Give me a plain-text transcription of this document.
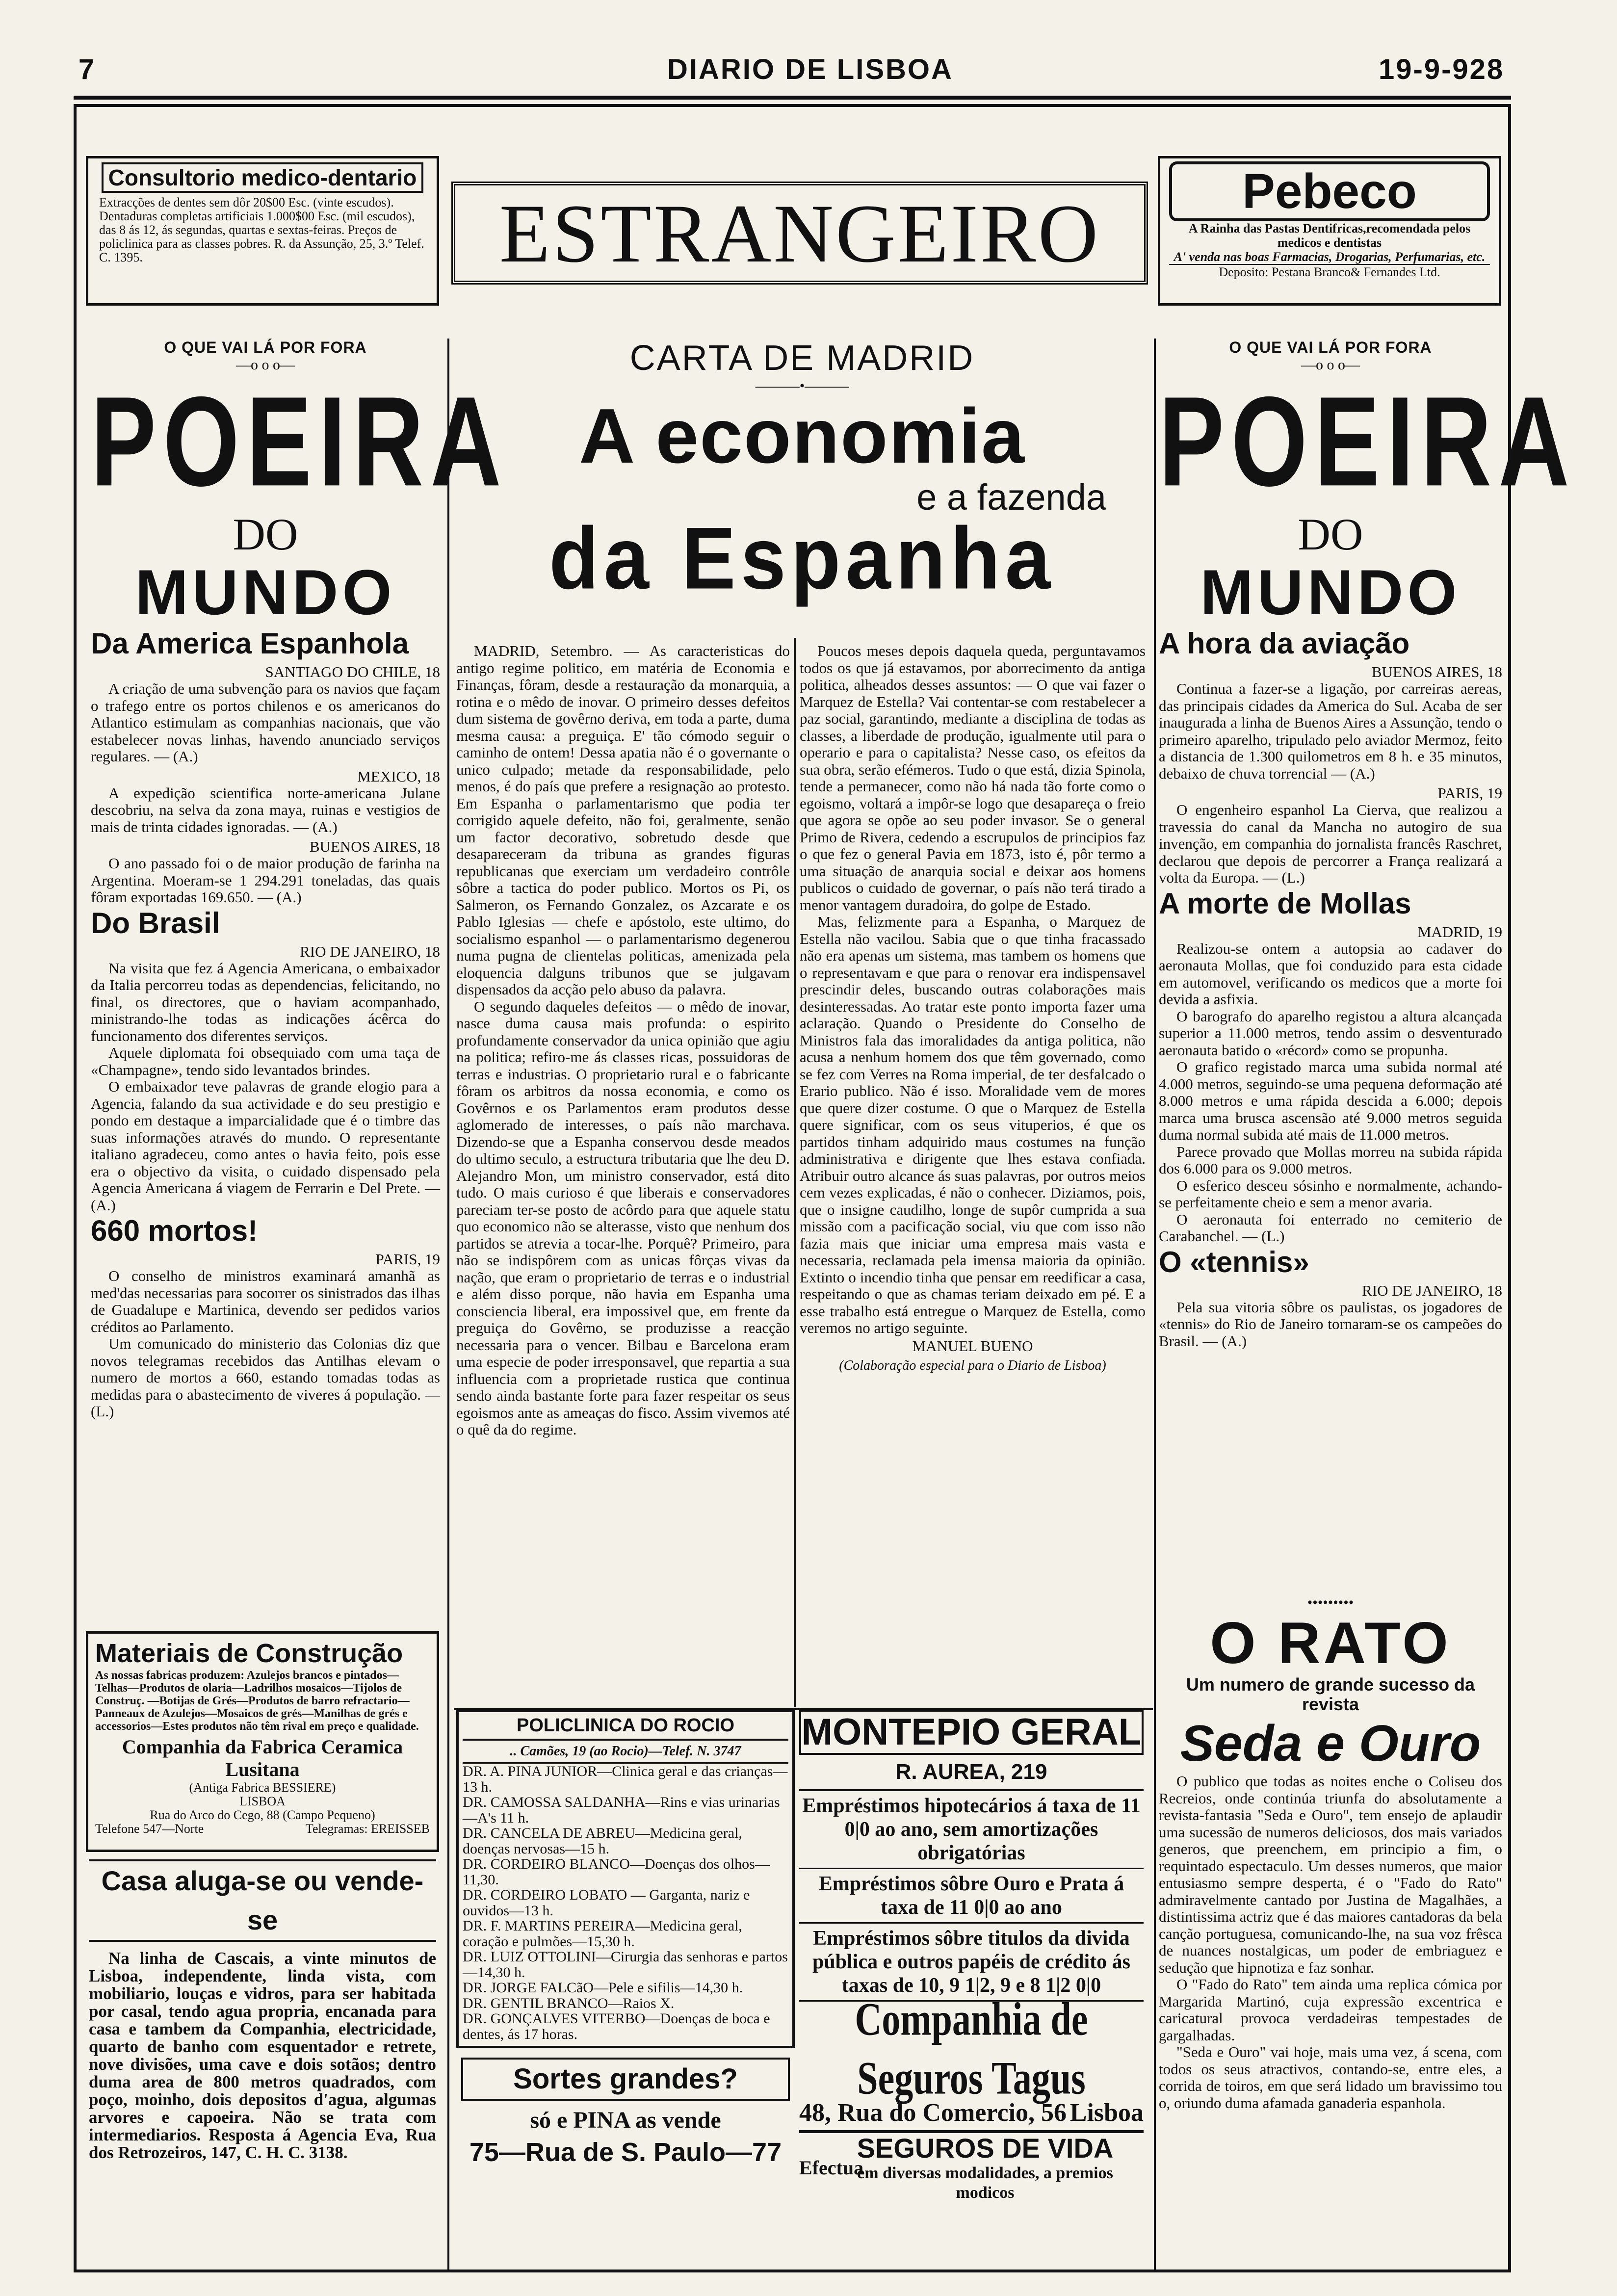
7	DIARIO DE LISBOA	19-9-928
Consultorio medico-dentario

Extracções de dentes sem dôr 20$00 Esc. (vinte escudos). Dentaduras completas artificiais 1.000$00 Esc. (mil escudos), das 8 ás 12, ás segundas, quartas e sextas-feiras. Preços de policlinica para as classes pobres. R. da Assunção, 25, 3.º Telef. C. 1395.	ESTRANGEIRO	Pebeco

A Rainha das Pastas Dentifricas,recomendada pelos medicos e dentistas

A' venda nas boas Farmacias, Drogarias, Perfumarias, etc.

Deposito: Pestana Branco& Fernandes Ltd.

O QUE VAI LÁ POR FORA
—o o o—
POEIRA
DO
MUNDO
Da America Espanhola
SANTIAGO DO CHILE, 18

A criação de uma subvenção para os navios que façam o trafego entre os portos chilenos e os americanos do Atlantico estimulam as companhias nacionais, que vão estabelecer novas linhas, havendo anunciado serviços regulares. — (A.)

MEXICO, 18

A expedição scientifica norte-americana Julane descobriu, na selva da zona maya, ruinas e vestigios de mais de trinta cidades ignoradas. — (A.)

BUENOS AIRES, 18

O ano passado foi o de maior produção de farinha na Argentina. Moeram-se 1 294.291 toneladas, das quais fôram exportadas 169.650. — (A.)

Do Brasil
RIO DE JANEIRO, 18

Na visita que fez á Agencia Americana, o embaixador da Italia percorreu todas as dependencias, felicitando, no final, os directores, que o haviam acompanhado, ministrando-lhe todas as indicações ácêrca do funcionamento dos diferentes serviços.

Aquele diplomata foi obsequiado com uma taça de «Champagne», tendo sido levantados brindes.

O embaixador teve palavras de grande elogio para a Agencia, falando da sua actividade e do seu prestigio e pondo em destaque a imparcialidade que é o timbre das suas informações através do mundo. O representante italiano agradeceu, como antes o havia feito, pois esse era o objectivo da visita, o cuidado dispensado pela Agencia Americana á viagem de Ferrarin e Del Prete. — (A.)

660 mortos!
PARIS, 19

O conselho de ministros examinará amanhã as med'das necessarias para socorrer os sinistrados das ilhas de Guadalupe e Martinica, devendo ser pedidos varios créditos ao Parlamento.

Um comunicado do ministerio das Colonias diz que novos telegramas recebidos das Antilhas elevam o numero de mortos a 660, estando tomadas todas as medidas para o abastecimento de viveres á população. — (L.)

Materiais de Construção

As nossas fabricas produzem: Azulejos brancos e pintados—Telhas—Produtos de olaria—Ladrilhos mosaicos—Tijolos de Construç. —Botijas de Grés—Produtos de barro refractario—Panneaux de Azulejos—Mosaicos de grés—Manilhas de grés e accessorios—Estes produtos não têm rival em preço e qualidade.

Companhia da Fabrica Ceramica Lusitana
(Antiga Fabrica BESSIERE)
LISBOA
Rua do Arco do Cego, 88 (Campo Pequeno)
Telefone 547—Norte	Telegramas: EREISSEB
Casa aluga-se ou vende-se

Na linha de Cascais, a vinte minutos de Lisboa, independente, linda vista, com mobiliario, louças e vidros, para ser habitada por casal, tendo agua propria, encanada para casa e tambem da Companhia, electricidade, quarto de banho com esquentador e retrete, nove divisões, uma cave e dois sotãos; dentro duma area de 800 metros quadrados, com poço, moinho, dois depositos d'agua, algumas arvores e capoeira. Não se trata com intermediarios. Resposta á Agencia Eva, Rua dos Retrozeiros, 147, C. H. C. 3138.

CARTA DE MADRID
———•———
A economia
e a fazenda
da Espanha

MADRID, Setembro. — As caracteristicas do antigo regime politico, em matéria de Economia e Finanças, fôram, desde a restauração da monarquia, a rotina e o mêdo de inovar. O primeiro desses defeitos dum sistema de govêrno deriva, em toda a parte, duma mesma causa: a preguiça. E' tão cómodo seguir o caminho de ontem! Dessa apatia não é o governante o unico culpado; metade da responsabilidade, pelo menos, é do país que prefere a resignação ao protesto. Em Espanha o parlamentarismo que podia ter corrigido aquele defeito, não foi, geralmente, senão um factor decorativo, sobretudo desde que desapareceram da tribuna as grandes figuras republicanas que exerciam um verdadeiro contrôle sôbre a tactica do poder publico. Mortos os Pi, os Salmeron, os Fernando Gonzalez, os Azcarate e os Pablo Iglesias — chefe e apóstolo, este ultimo, do socialismo espanhol — o parlamentarismo degenerou numa pugna de clientelas politicas, amenizada pela eloquencia dalguns tribunos que se julgavam dispensados da acção pelo abuso da palavra.

O segundo daqueles defeitos — o mêdo de inovar, nasce duma causa mais profunda: o espirito profundamente conservador da unica opinião que agiu na politica; refiro-me ás classes ricas, possuidoras de terras e industrias. O proprietario rural e o fabricante fôram os arbitros da nossa economia, e como os Govêrnos e os Parlamentos eram produtos desse aglomerado de interesses, o país não marchava. Dizendo-se que a Espanha conservou desde meados do ultimo seculo, a estructura tributaria que lhe deu D. Alejandro Mon, um ministro conservador, está dito tudo. O mais curioso é que liberais e conservadores pareciam ter-se posto de acôrdo para que aquele statu quo economico não se alterasse, visto que nenhum dos partidos se atrevia a tocar-lhe. Porquê? Primeiro, para não se indispôrem com as unicas fôrças vivas da nação, que eram o proprietario de terras e o industrial e além disso porque, não havia em Espanha uma consciencia liberal, era impossivel que, em frente da preguiça do Govêrno, se produzisse a reacção necessaria para o vencer. Bilbau e Barcelona eram uma especie de poder irresponsavel, que repartia a sua influencia com a proprietade rustica que continua sendo ainda bastante forte para fazer respeitar os seus egoismos ante as ameaças do fisco. Assim vivemos até o quê da do regime.

Poucos meses depois daquela queda, perguntavamos todos os que já estavamos, por aborrecimento da antiga politica, alheados desses assuntos: — O que vai fazer o Marquez de Estella? Vai contentar-se com restabelecer a paz social, garantindo, mediante a disciplina de todas as classes, a liberdade de produção, igualmente util para o operario e para o capitalista? Nesse caso, os efeitos da sua obra, serão efémeros. Tudo o que está, dizia Spinola, tende a permanecer, como não há nada tão forte como o egoismo, voltará a impôr-se logo que desapareça o freio que agora se opõe ao seu poder invasor. Se o general Primo de Rivera, cedendo a escrupulos de principios faz o que fez o general Pavia em 1873, isto é, pôr termo a uma situação de anarquia social e deixar aos homens publicos o cuidado de governar, o país não terá tirado a menor vantagem duradoira, do golpe de Estado.

Mas, felizmente para a Espanha, o Marquez de Estella não vacilou. Sabia que o que tinha fracassado não era apenas um sistema, mas tambem os homens que o representavam e que para o renovar era indispensavel prescindir deles, buscando outras colaborações mais desinteressadas. Ao tratar este ponto importa fazer uma aclaração. Quando o Presidente do Conselho de Ministros fala das imoralidades da antiga politica, não acusa a nenhum homem dos que têm governado, como se fez com Verres na Roma imperial, de ter desfalcado o Erario publico. Não é isso. Moralidade vem de mores que quere dizer costume. O que o Marquez de Estella quere significar, com os seus vituperios, é que os partidos tinham adquirido maus costumes na função administrativa e dirigente que lhes estava confiada. Atribuir outro alcance ás suas palavras, por outros meios cem vezes explicadas, é não o conhecer. Diziamos, pois, que o insigne caudilho, longe de supôr cumprida a sua missão com a pacificação social, viu que com isso não fazia mais que iniciar uma empresa mais vasta e necessaria, reclamada pela imensa maioria da opinião. Extinto o incendio tinha que pensar em reedificar a casa, respeitando o que as chamas teriam deixado em pé. E a esse trabalho está entregue o Marquez de Estella, como veremos no artigo seguinte.

MANUEL BUENO
(Colaboração especial para o Diario de Lisboa)
POLICLINICA DO ROCIO
.. Camões, 19 (ao Rocio)—Telef. N. 3747

DR. A. PINA JUNIOR—Clinica geral e das crianças—13 h.

DR. CAMOSSA SALDANHA—Rins e vias urinarias—A's 11 h.

DR. CANCELA DE ABREU—Medicina geral, doenças nervosas—15 h.

DR. CORDEIRO BLANCO—Doenças dos olhos—11,30.

DR. CORDEIRO LOBATO — Garganta, nariz e ouvidos—13 h.

DR. F. MARTINS PEREIRA—Medicina geral, coração e pulmões—15,30 h.

DR. LUIZ OTTOLINI—Cirurgia das senhoras e partos—14,30 h.

DR. JORGE FALCãO—Pele e sifilis—14,30 h.

DR. GENTIL BRANCO—Raios X.

DR. GONÇALVES VITERBO—Doenças de boca e dentes, ás 17 horas.

Sortes grandes?
só e PINA as vende
75—Rua de S. Paulo—77
MONTEPIO GERAL
R. AUREA, 219
Empréstimos hipotecários á taxa de 11 0|0 ao ano, sem amortizações obrigatórias
Empréstimos sôbre Ouro e Prata á taxa de 11 0|0 ao ano
Empréstimos sôbre titulos da divida pública e outros papéis de crédito ás taxas de 10, 9 1|2, 9 e 8 1|2 0|0
Companhia de Seguros Tagus
48, Rua do Comercio, 56 Lisboa
Efectua
SEGUROS DE VIDA

em diversas modalidades, a premios modicos

O QUE VAI LÁ POR FORA
—o o o—
POEIRA
DO
MUNDO
A hora da aviação
BUENOS AIRES, 18

Continua a fazer-se a ligação, por carreiras aereas, das principais cidades da America do Sul. Acaba de ser inaugurada a linha de Buenos Aires a Assunção, tendo o primeiro aparelho, tripulado pelo aviador Mermoz, feito a distancia de 1.300 quilometros em 8 h. e 35 minutos, debaixo de chuva torrencial — (A.)

PARIS, 19

O engenheiro espanhol La Cierva, que realizou a travessia do canal da Mancha no autogiro de sua invenção, em companhia do jornalista francês Raschret, declarou que depois de percorrer a França realizará a volta da Europa. — (L.)

A morte de Mollas
MADRID, 19

Realizou-se ontem a autopsia ao cadaver do aeronauta Mollas, que foi conduzido para esta cidade em automovel, verificando os medicos que a morte foi devida a asfixia.

O barografo do aparelho registou a altura alcançada superior a 11.000 metros, tendo assim o desventurado aeronauta batido o «récord» como se propunha.

O grafico registado marca uma subida normal até 4.000 metros, seguindo-se uma pequena deformação até 8.000 metros e uma rápida descida a 6.000; depois marca uma brusca ascensão até 9.000 metros seguida duma normal subida até mais de 11.000 metros.

Parece provado que Mollas morreu na subida rápida dos 6.000 para os 9.000 metros.

O esferico desceu sósinho e normalmente, achando-se perfeitamente cheio e sem a menor avaria.

O aeronauta foi enterrado no cemiterio de Carabanchel. — (L.)

O «tennis»
RIO DE JANEIRO, 18

Pela sua vitoria sôbre os paulistas, os jogadores de «tennis» do Rio de Janeiro tornaram-se os campeões do Brasil. — (A.)

•••••••••
O RATO
Um numero de grande sucesso da revista
Seda e Ouro

O publico que todas as noites enche o Coliseu dos Recreios, onde continúa triunfa do absolutamente a revista-fantasia "Seda e Ouro", tem ensejo de aplaudir uma sucessão de numeros deliciosos, dos mais variados generos, que preenchem, em principio a fim, o requintado espectaculo. Um desses numeros, que maior entusiasmo sempre desperta, é o "Fado do Rato" admiravelmente cantado por Justina de Magalhães, a distintissima actriz que é das maiores cantadoras da bela canção portuguesa, comunicando-lhe, na sua voz frêsca de nuances nostalgicas, um poder de embriaguez e sedução que hipnotiza e faz sonhar.

O "Fado do Rato" tem ainda uma replica cómica por Margarida Martinó, cuja expressão excentrica e caricatural provoca verdadeiras tempestades de gargalhadas.

"Seda e Ouro" vai hoje, mais uma vez, á scena, com todos os seus atractivos, contando-se, entre eles, a corrida de toiros, em que será lidado um bravissimo tou o, oriundo duma afamada ganaderia espanhola.
